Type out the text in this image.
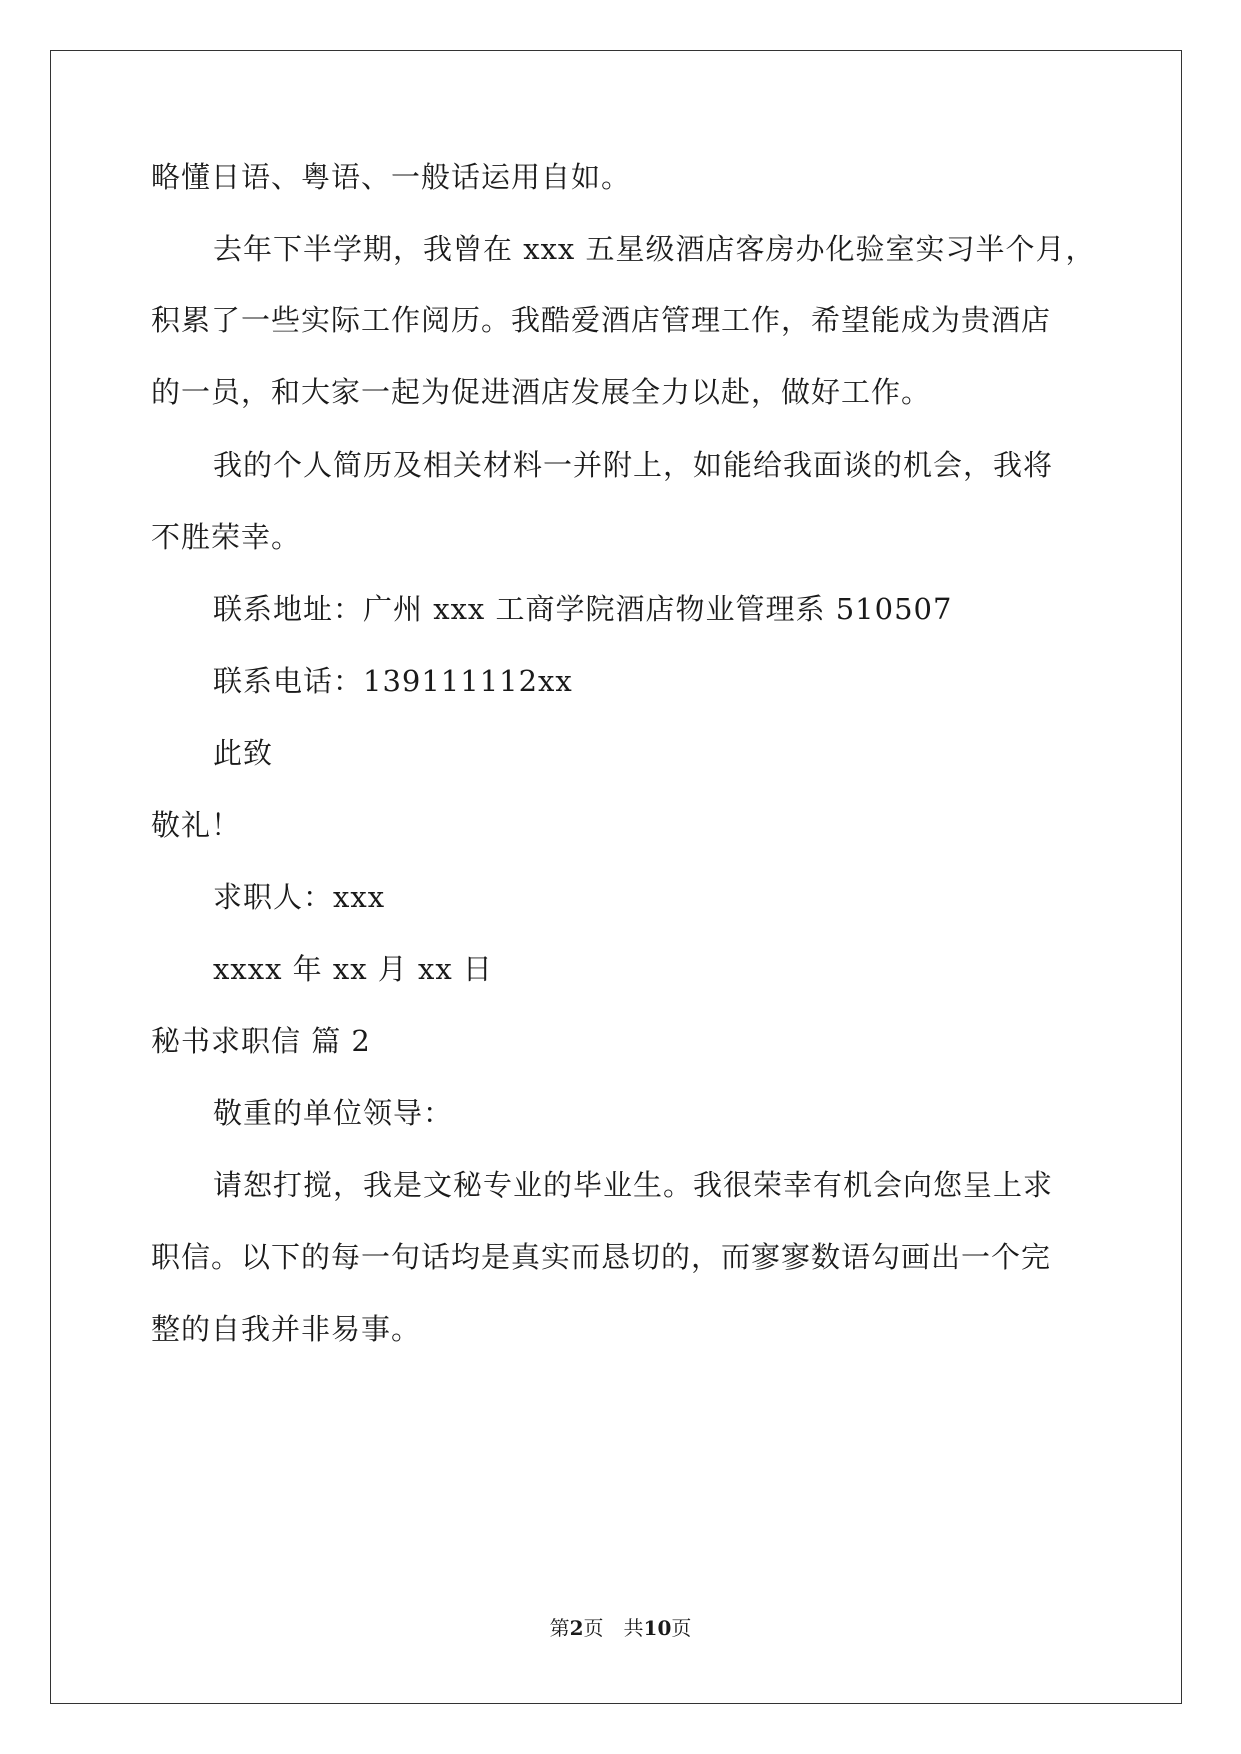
略懂日语、粤语、一般话运用自如。

去年下半学期，我曾在 xxx 五星级酒店客房办化验室实习半个月，

积累了一些实际工作阅历。我酷爱酒店管理工作，希望能成为贵酒店

的一员，和大家一起为促进酒店发展全力以赴，做好工作。

我的个人简历及相关材料一并附上，如能给我面谈的机会，我将

不胜荣幸。

联系地址：广州 xxx 工商学院酒店物业管理系 510507

联系电话：139111112xx

此致

敬礼！

求职人：xxx

xxxx 年 xx 月 xx 日

秘书求职信 篇 2

敬重的单位领导：

请恕打搅，我是文秘专业的毕业生。我很荣幸有机会向您呈上求

职信。以下的每一句话均是真实而恳切的，而寥寥数语勾画出一个完

整的自我并非易事。

第2页　共10页
